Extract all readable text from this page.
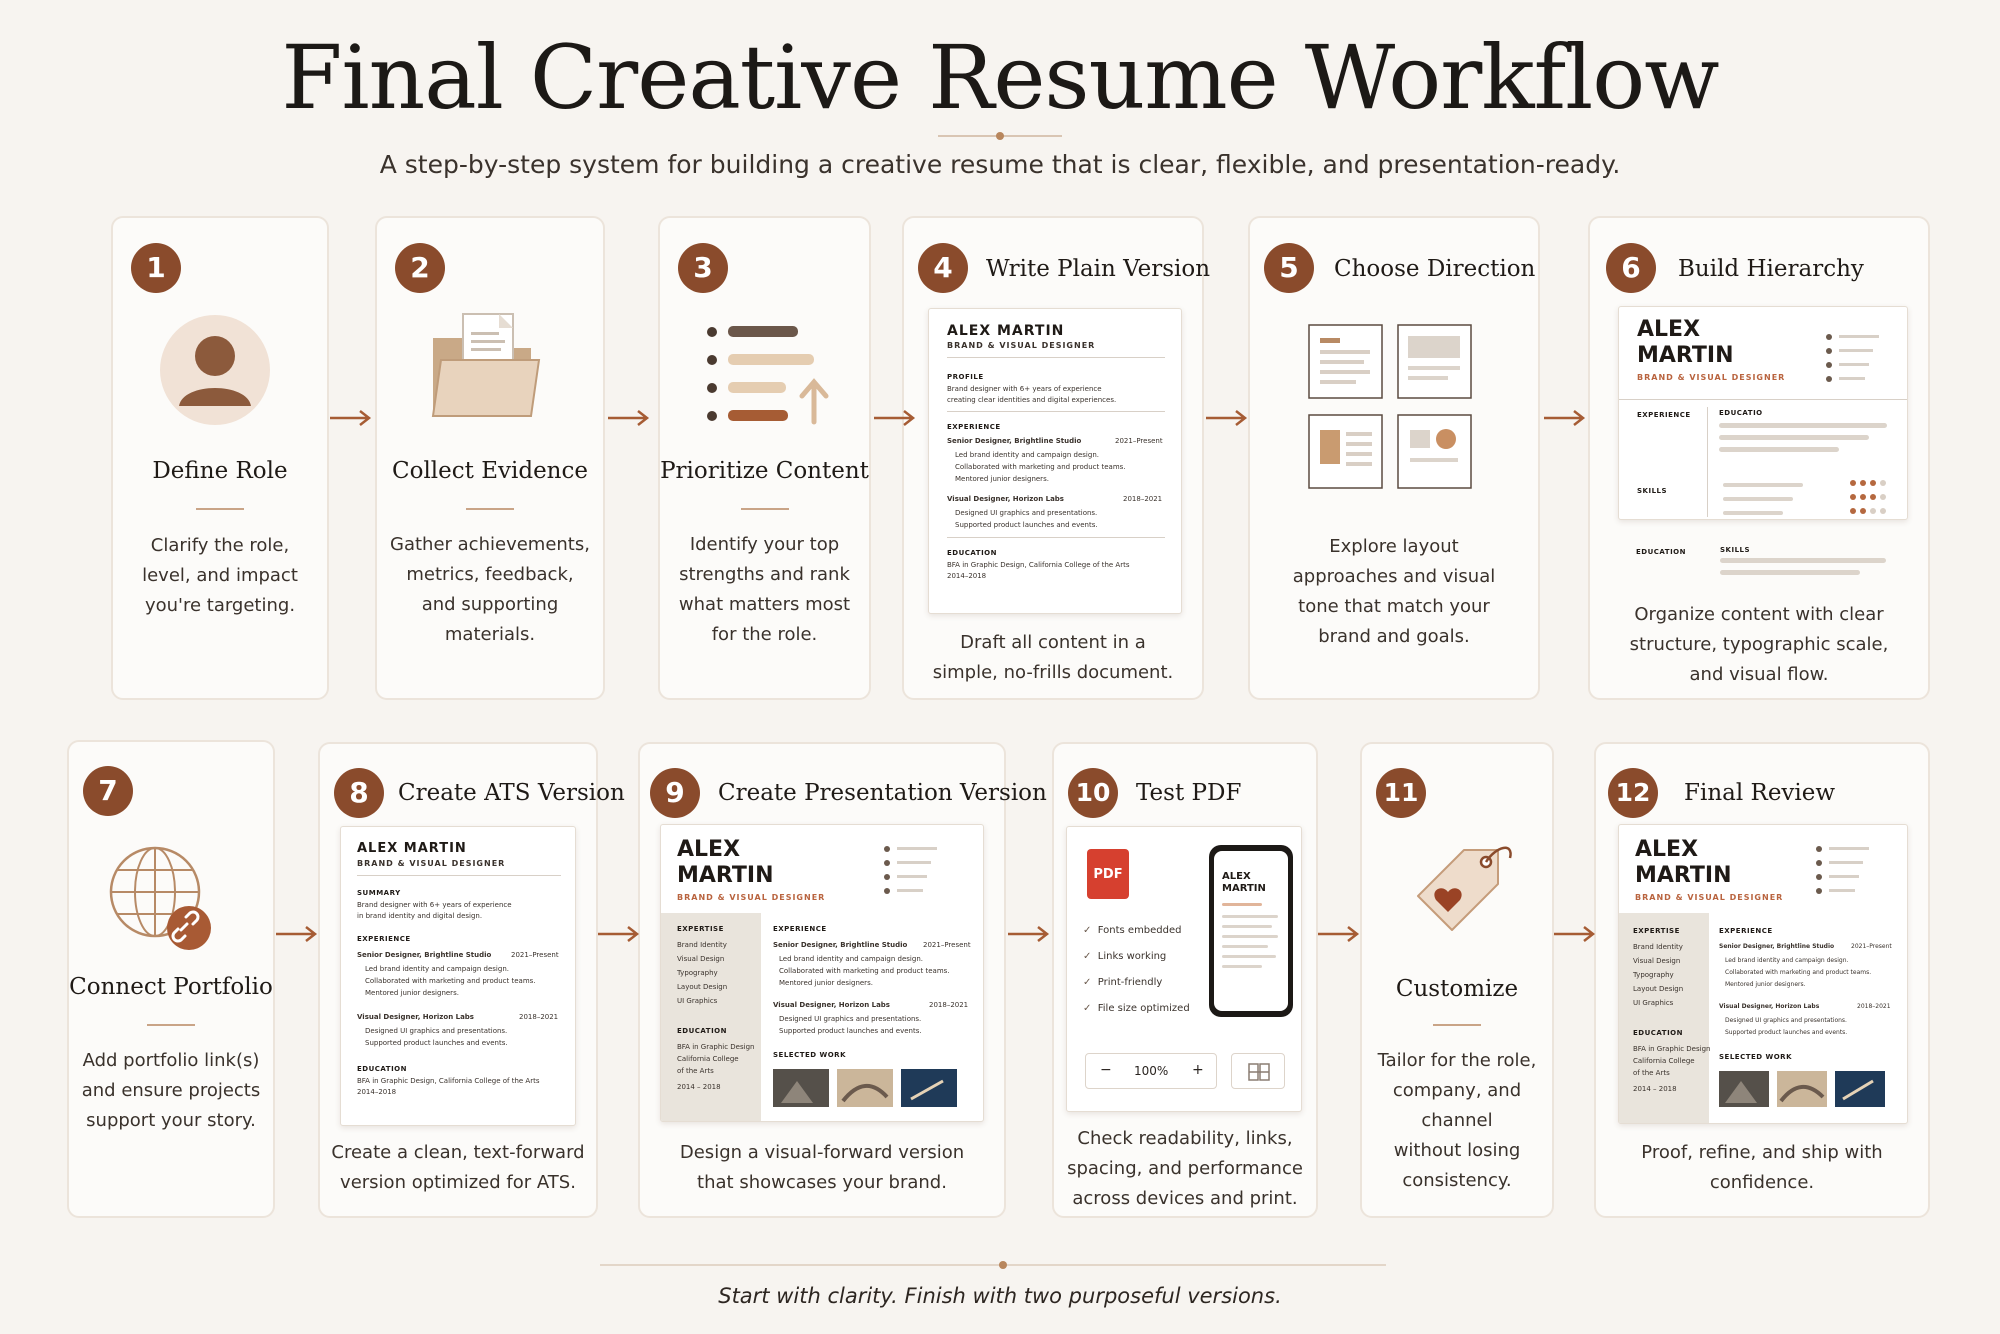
Final Creative Resume Workflow
A step-by-step system for building a creative resume that is clear, flexible, and presentation-ready.
1
Define Role
Clarify the role,
level, and impact
you're targeting.
2
Collect Evidence
Gather achievements,
metrics, feedback,
and supporting
materials.
3
Prioritize Content
Identify your top
strengths and rank
what matters most
for the role.
4	Write Plain Version
ALEX MARTIN
BRAND & VISUAL DESIGNER
PROFILE
Brand designer with 6+ years of experience
creating clear identities and digital experiences.
EXPERIENCE
Senior Designer, Brightline Studio	2021–Present
Led brand identity and campaign design.
Collaborated with marketing and product teams.
Mentored junior designers.
Visual Designer, Horizon Labs	2018–2021
Designed UI graphics and presentations.
Supported product launches and events.
EDUCATION
BFA in Graphic Design, California College of the Arts
2014–2018
Draft all content in a
simple, no-frills document.
5	Choose Direction
Explore layout
approaches and visual
tone that match your
brand and goals.
6	Build Hierarchy
ALEX
MARTIN
BRAND & VISUAL DESIGNER
EXPERIENCE	EDUCATIO
SKILLS
EDUCATION	SKILLS
Organize content with clear
structure, typographic scale,
and visual flow.
7
Connect Portfolio
Add portfolio link(s)
and ensure projects
support your story.
8	Create ATS Version
ALEX MARTIN
BRAND & VISUAL DESIGNER
SUMMARY
Brand designer with 6+ years of experience
in brand identity and digital design.
EXPERIENCE
Senior Designer, Brightline Studio	2021–Present
Led brand identity and campaign design.
Collaborated with marketing and product teams.
Mentored junior designers.
Visual Designer, Horizon Labs	2018–2021
Designed UI graphics and presentations.
Supported product launches and events.
EDUCATION
BFA in Graphic Design, California College of the Arts
2014–2018
Create a clean, text-forward
version optimized for ATS.
9	Create Presentation Version
ALEX
MARTIN
BRAND & VISUAL DESIGNER
EXPERTISE
Brand Identity
Visual Design
Typography
Layout Design
UI Graphics
EDUCATION
BFA in Graphic Design
California College
of the Arts
2014 – 2018
EXPERIENCE
Senior Designer, Brightline Studio 2021–Present
Led brand identity and campaign design.
Collaborated with marketing and product teams.
Mentored junior designers.
Visual Designer, Horizon Labs	2018–2021
Designed UI graphics and presentations.
Supported product launches and events.
SELECTED WORK
Design a visual-forward version
that showcases your brand.
10	Test PDF
PDF
✓ Fonts embedded
✓ Links working
✓ Print-friendly
✓ File size optimized
ALEX
MARTIN
− 100% +
Check readability, links,
spacing, and performance
across devices and print.
11
Customize
Tailor for the role,
company, and channel
without losing
consistency.
12	Final Review
ALEX
MARTIN
BRAND & VISUAL DESIGNER
EXPERTISE
Brand Identity
Visual Design
Typography
Layout Design
UI Graphics
EDUCATION
BFA in Graphic Design
California College
of the Arts
2014 – 2018
EXPERIENCE
Senior Designer, Brightline Studio	2021–Present
Led brand identity and campaign design.
Collaborated with marketing and product teams.
Mentored junior designers.
Visual Designer, Horizon Labs	2018–2021
Designed UI graphics and presentations.
Supported product launches and events.
SELECTED WORK
Proof, refine, and ship with
confidence.
Start with clarity. Finish with two purposeful versions.
